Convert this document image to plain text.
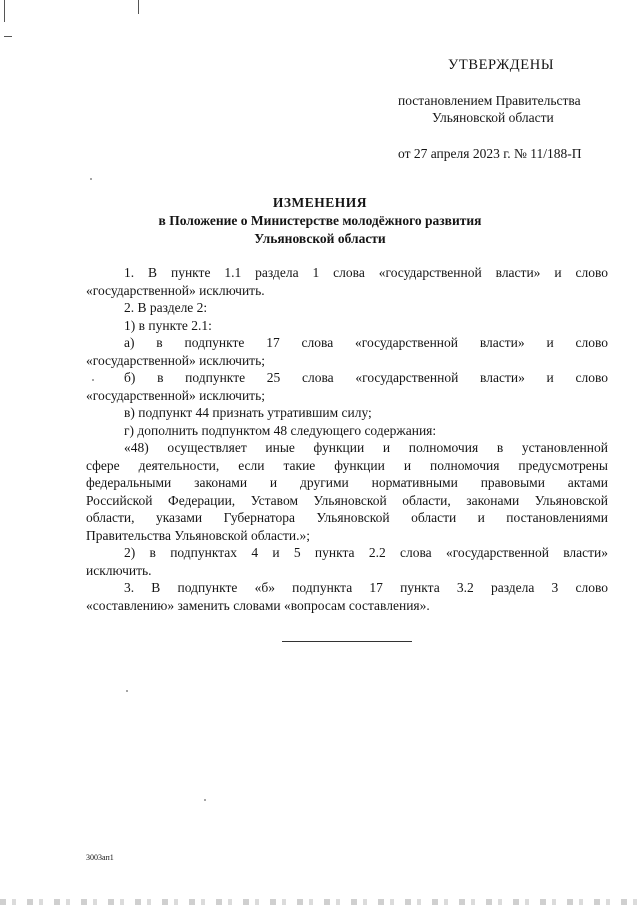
УТВЕРЖДЕНЫ
постановлением Правительства
Ульяновской области
от 27 апреля 2023 г. № 11/188-П
ИЗМЕНЕНИЯ
в Положение о Министерстве молодёжного развития
Ульяновской области

1. В пункте 1.1 раздела 1 слова «государственной власти» и слово

«государственной» исключить.

2. В разделе 2:

1) в пункте 2.1:

а) в подпункте 17 слова «государственной власти» и слово

«государственной» исключить;

б) в подпункте 25 слова «государственной власти» и слово

«государственной» исключить;

в) подпункт 44 признать утратившим силу;

г) дополнить подпунктом 48 следующего содержания:

«48) осуществляет иные функции и полномочия в установленной

сфере деятельности, если такие функции и полномочия предусмотрены

федеральными законами и другими нормативными правовыми актами

Российской Федерации, Уставом Ульяновской области, законами Ульяновской

области, указами Губернатора Ульяновской области и постановлениями

Правительства Ульяновской области.»;

2) в подпунктах 4 и 5 пункта 2.2 слова «государственной власти»

исключить.

3. В подпункте «б» подпункта 17 пункта 3.2 раздела 3 слово

«составлению» заменить словами «вопросам составления».

3003ап1
